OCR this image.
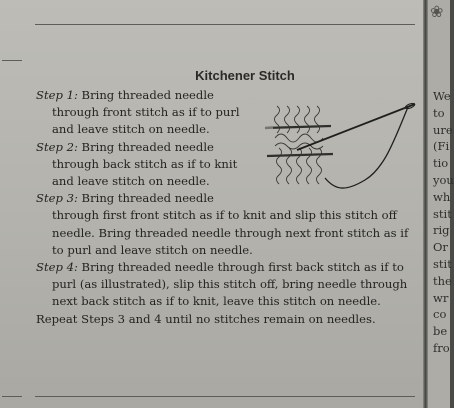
❀
We
to
ure
(Fi
tio
you
wh
stit
rig
Or
stit
the
wr
co
be
fro
Kitchener Stitch
Step 1: Bring threaded needle
through front stitch as if to purl
and leave stitch on needle.
Step 2: Bring threaded needle
through back stitch as if to knit
and leave stitch on needle.
Step 3: Bring threaded needle
through first front stitch as if to knit and slip this stitch off
needle. Bring threaded needle through next front stitch as if
to purl and leave stitch on needle.
Step 4: Bring threaded needle through first back stitch as if to
purl (as illustrated), slip this stitch off, bring needle through
next back stitch as if to knit, leave this stitch on needle.
Repeat Steps 3 and 4 until no stitches remain on needles.
